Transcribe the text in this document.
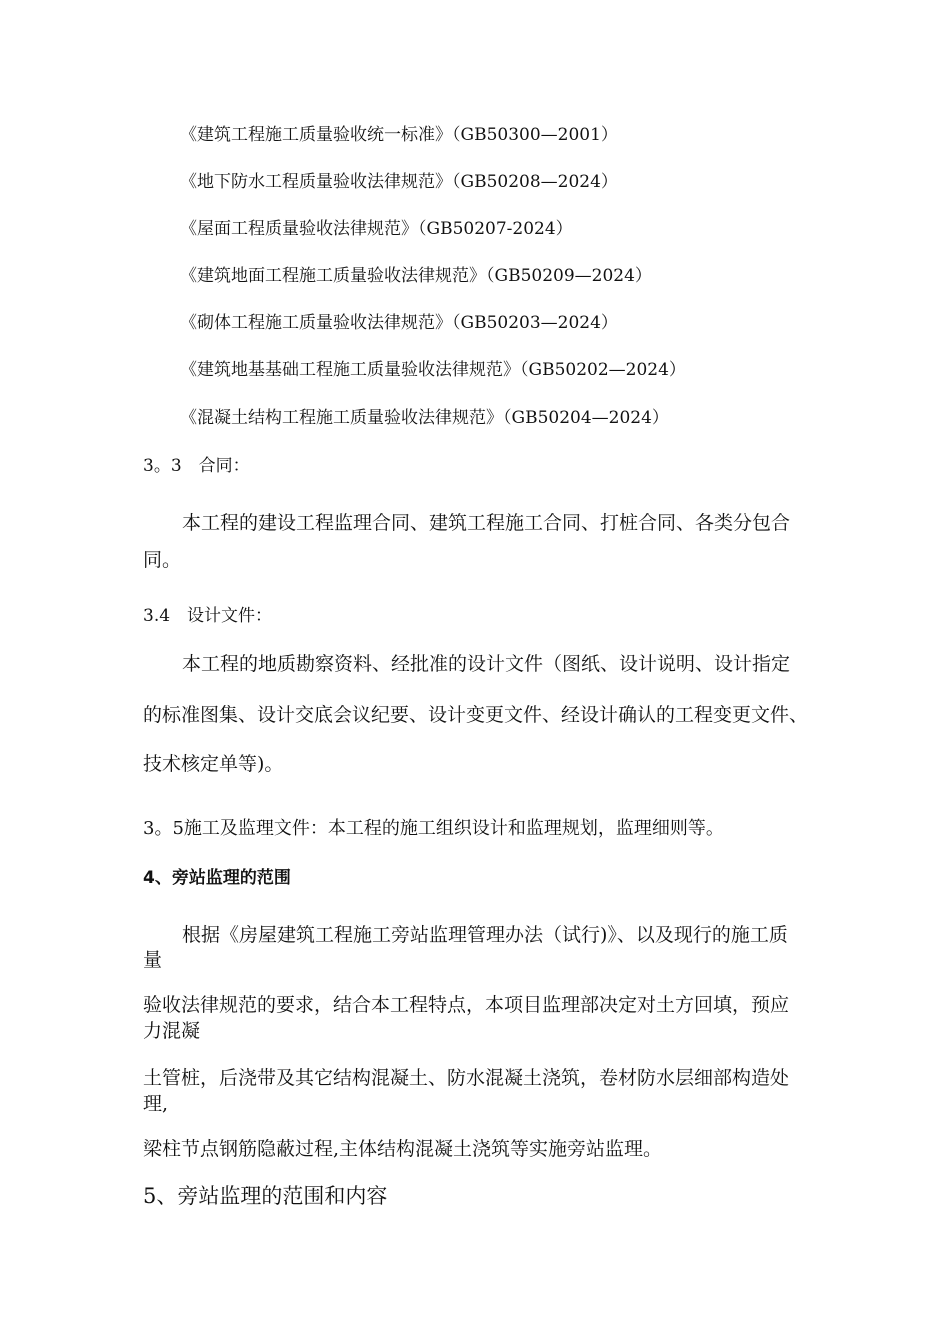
《建筑工程施工质量验收统一标准》（GB50300—2001）
《地下防水工程质量验收法律规范》（GB50208—2024）
《屋面工程质量验收法律规范》（GB50207-2024）
《建筑地面工程施工质量验收法律规范》（GB50209—2024）
《砌体工程施工质量验收法律规范》（GB50203—2024）
《建筑地基基础工程施工质量验收法律规范》（GB50202—2024）
《混凝土结构工程施工质量验收法律规范》（GB50204—2024）
3。3　合同：
本工程的建设工程监理合同、建筑工程施工合同、打桩合同、各类分包合
同。
3.4　设计文件：
本工程的地质勘察资料、经批准的设计文件（图纸、设计说明、设计指定
的标准图集、设计交底会议纪要、设计变更文件、经设计确认的工程变更文件、
技术核定单等)。
3。5施工及监理文件：本工程的施工组织设计和监理规划，监理细则等。
4、旁站监理的范围
根据《房屋建筑工程施工旁站监理管理办法（试行)》、以及现行的施工质
量
验收法律规范的要求，结合本工程特点，本项目监理部决定对土方回填，预应
力混凝
土管桩，后浇带及其它结构混凝土、防水混凝土浇筑，卷材防水层细部构造处
理,
梁柱节点钢筋隐蔽过程,主体结构混凝土浇筑等实施旁站监理。
5、旁站监理的范围和内容
